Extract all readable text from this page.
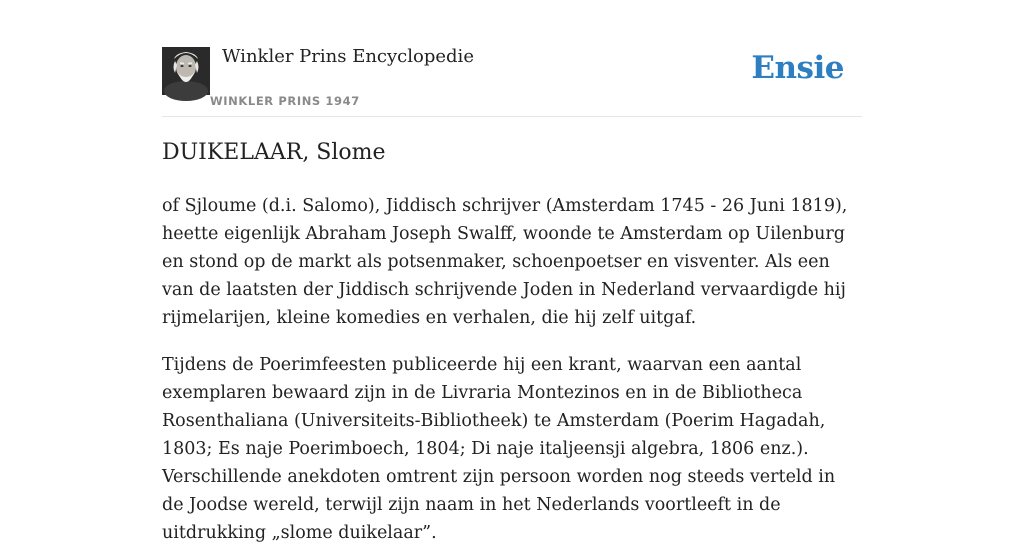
Winkler Prins Encyclopedie
WINKLER PRINS 1947
Ensie
DUIKELAAR, Slome

of Sjloume (d.i. Salomo), Jiddisch schrijver (Amsterdam 1745 - 26 Juni 1819), heette eigenlijk Abraham Joseph Swalff, woonde te Amsterdam op Uilenburg en stond op de markt als potsenmaker, schoenpoetser en visventer. Als een van de laatsten der Jiddisch schrijvende Joden in Nederland vervaardigde hij rijmelarijen, kleine komedies en verhalen, die hij zelf uitgaf.

Tijdens de Poerimfeesten publiceerde hij een krant, waarvan een aantal exemplaren bewaard zijn in de Livraria Montezinos en in de Bibliotheca Rosenthaliana (Universiteits-Bibliotheek) te Amsterdam (Poerim Hagadah, 1803; Es naje Poerimboech, 1804; Di naje italjeensji algebra, 1806 enz.). Verschillende anekdoten omtrent zijn persoon worden nog steeds verteld in de Joodse wereld, terwijl zijn naam in het Nederlands voortleeft in de uitdrukking „slome duikelaar”.
